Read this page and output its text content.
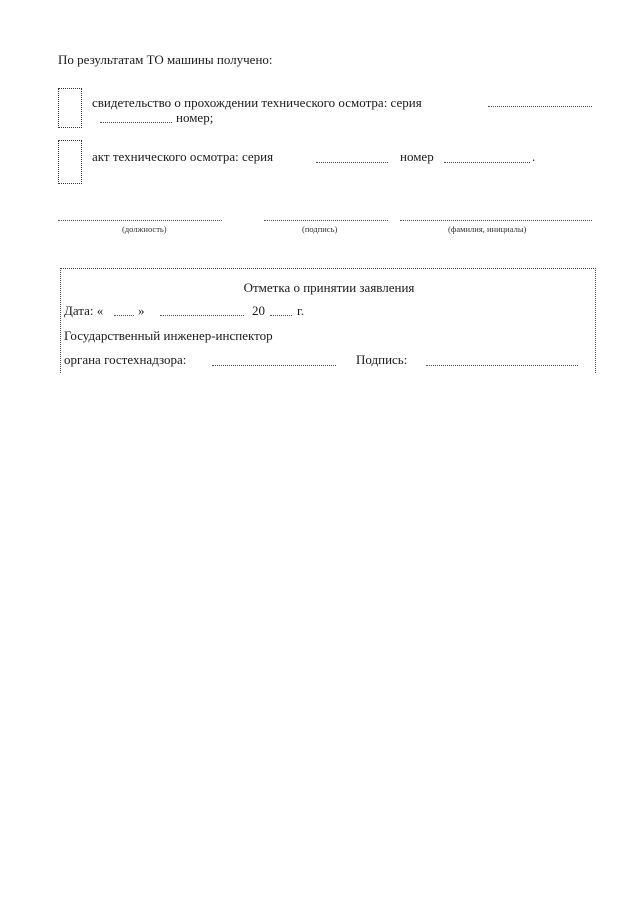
По результатам ТО машины получено:
свидетельство о прохождении технического осмотра: серия
номер;
акт технического осмотра: серия	номер	.
(должность)	(подпись)	(фамилия, инициалы)
Отметка о принятии заявления
Дата: «	»	20 г.
Государственный инженер-инспектор
органа гостехнадзора:	Подпись:
